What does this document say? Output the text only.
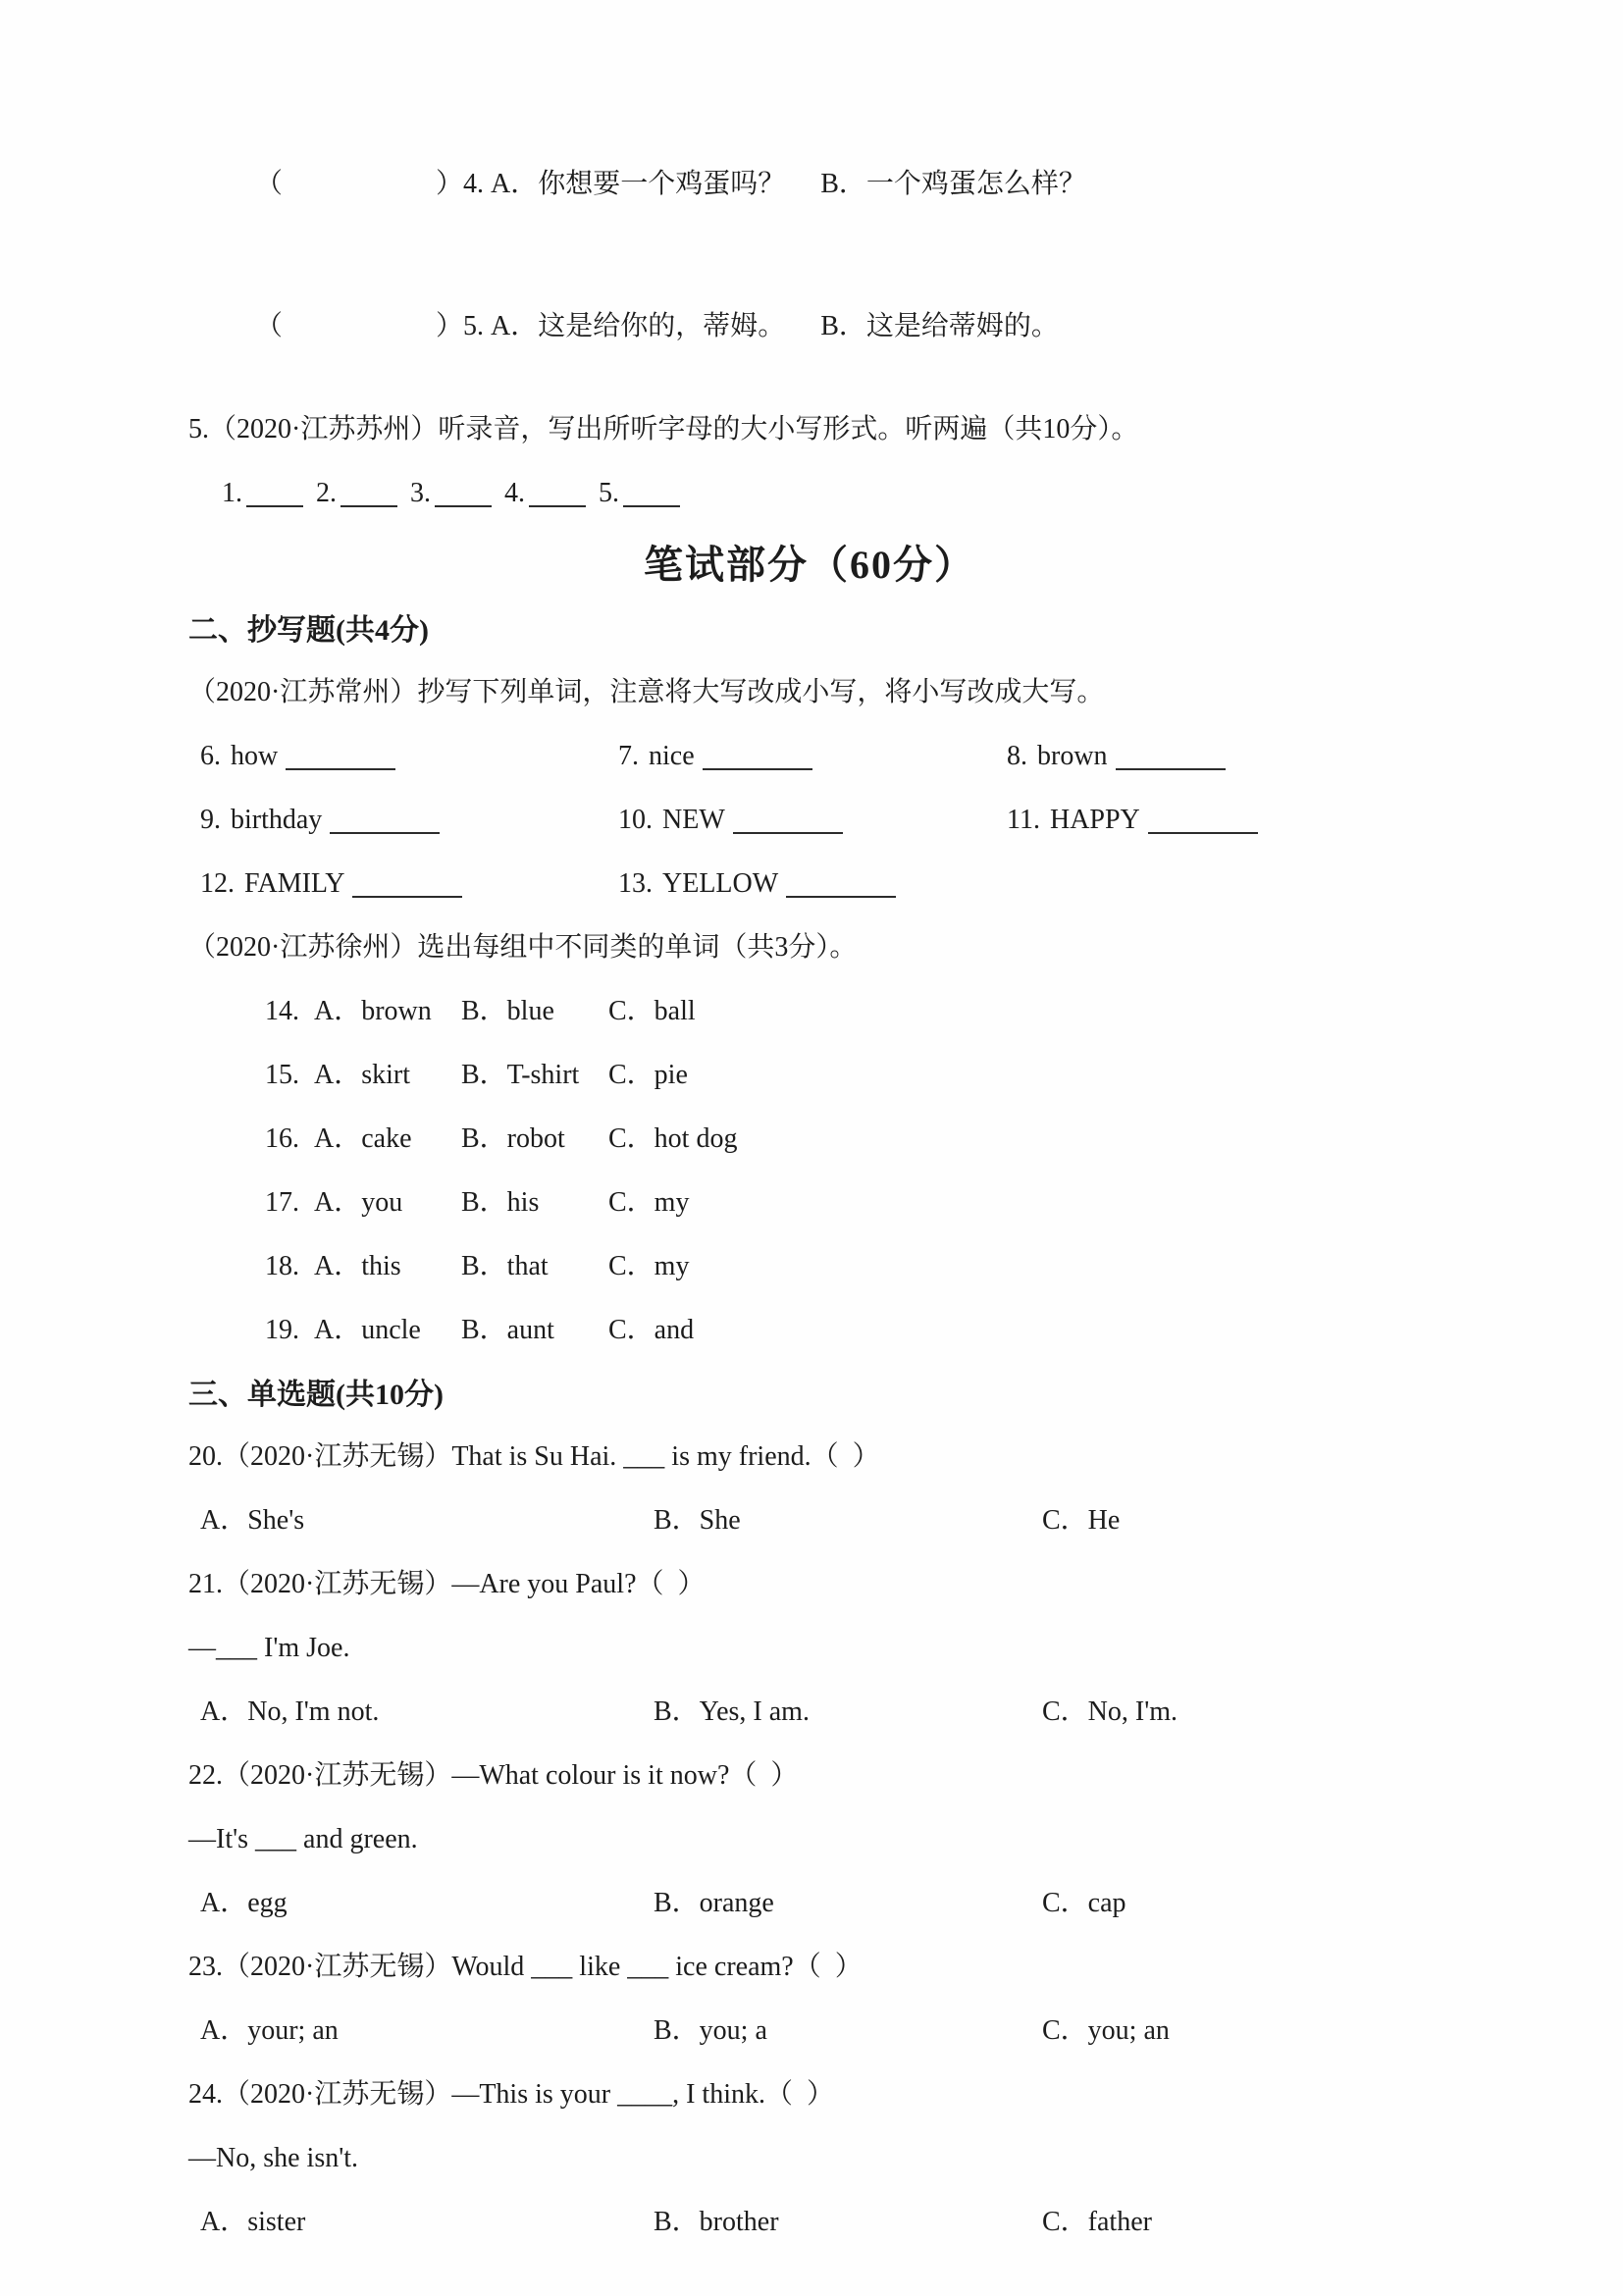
（	）4. A．你想要一个鸡蛋吗？ B．一个鸡蛋怎么样？

（	）5. A．这是给你的，蒂姆。 B．这是给蒂姆的。

5.（2020·江苏苏州）听录音，写出所听字母的大小写形式。听两遍（共10分）。
1.	2.	3.	4.	5.
笔试部分（60分）
二、抄写题(共4分)
（2020·江苏常州）抄写下列单词，注意将大写改成小写，将小写改成大写。
6. how	7. nice	8. brown
9. birthday	10. NEW	11. HAPPY
12. FAMILY	13. YELLOW
（2020·江苏徐州）选出每组中不同类的单词（共3分）。
14. A．brown	B．blue	C．ball
15. A．skirt	B．T-shirt	C．pie
16. A．cake	B．robot	C．hot dog
17. A．you	B．his	C．my
18. A．this	B．that	C．my
19. A．uncle	B．aunt	C．and
三、单选题(共10分)
20.（2020·江苏无锡）That is Su Hai. ___ is my friend.（  ）
A．She's	B．She	C．He
21.（2020·江苏无锡）—Are you Paul?（  ）
—___ I'm Joe.
A．No, I'm not.	B．Yes, I am.	C．No, I'm.
22.（2020·江苏无锡）—What colour is it now?（  ）
—It's ___ and green.
A．egg	B．orange	C．cap
23.（2020·江苏无锡）Would ___ like ___ ice cream?（  ）
A．your; an	B．you; a	C．you; an
24.（2020·江苏无锡）—This is your ____, I think.（  ）
—No, she isn't.
A．sister	B．brother	C．father
